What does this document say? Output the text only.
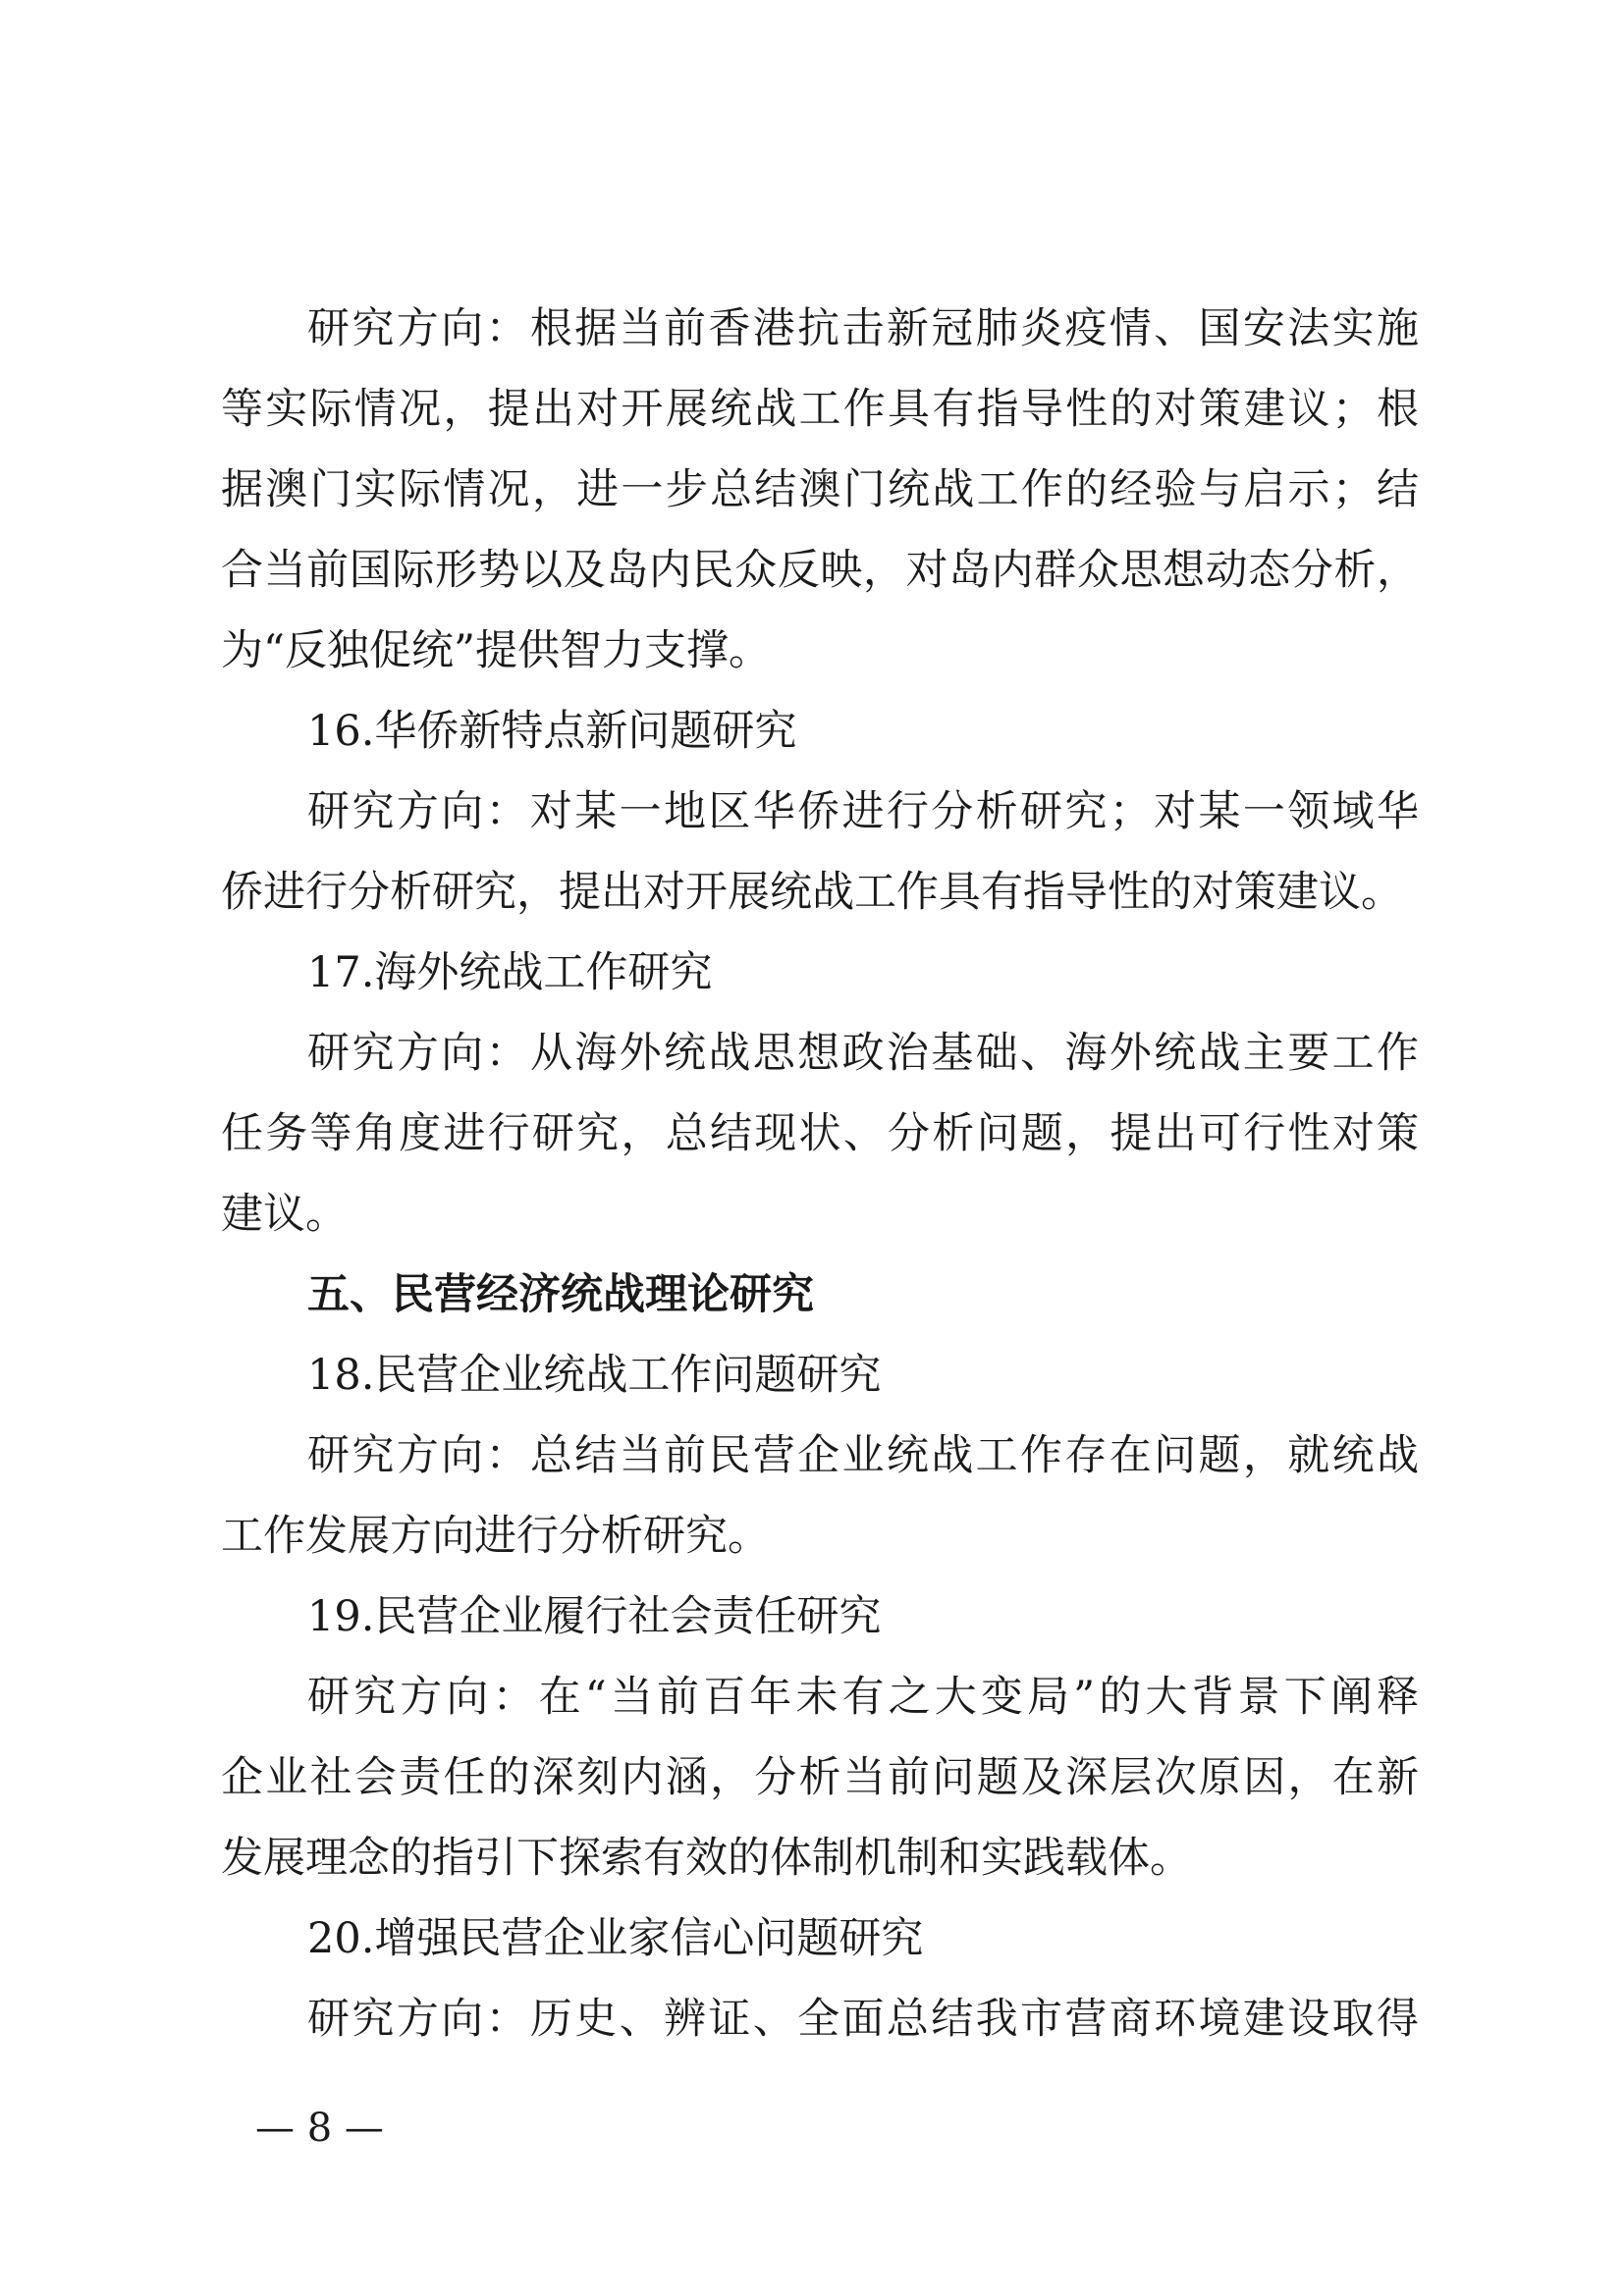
研究方向：根据当前香港抗击新冠肺炎疫情、国安法实施
等实际情况，提出对开展统战工作具有指导性的对策建议；根
据澳门实际情况，进一步总结澳门统战工作的经验与启示；结
合当前国际形势以及岛内民众反映，对岛内群众思想动态分析，
为“反独促统”提供智力支撑。
16.华侨新特点新问题研究
研究方向：对某一地区华侨进行分析研究；对某一领域华
侨进行分析研究，提出对开展统战工作具有指导性的对策建议。
17.海外统战工作研究
研究方向：从海外统战思想政治基础、海外统战主要工作
任务等角度进行研究，总结现状、分析问题，提出可行性对策
建议。
五、民营经济统战理论研究
18.民营企业统战工作问题研究
研究方向：总结当前民营企业统战工作存在问题，就统战
工作发展方向进行分析研究。
19.民营企业履行社会责任研究
研究方向：在“当前百年未有之大变局”的大背景下阐释
企业社会责任的深刻内涵，分析当前问题及深层次原因，在新
发展理念的指引下探索有效的体制机制和实践载体。
20.增强民营企业家信心问题研究
研究方向：历史、辨证、全面总结我市营商环境建设取得
— 8 —
